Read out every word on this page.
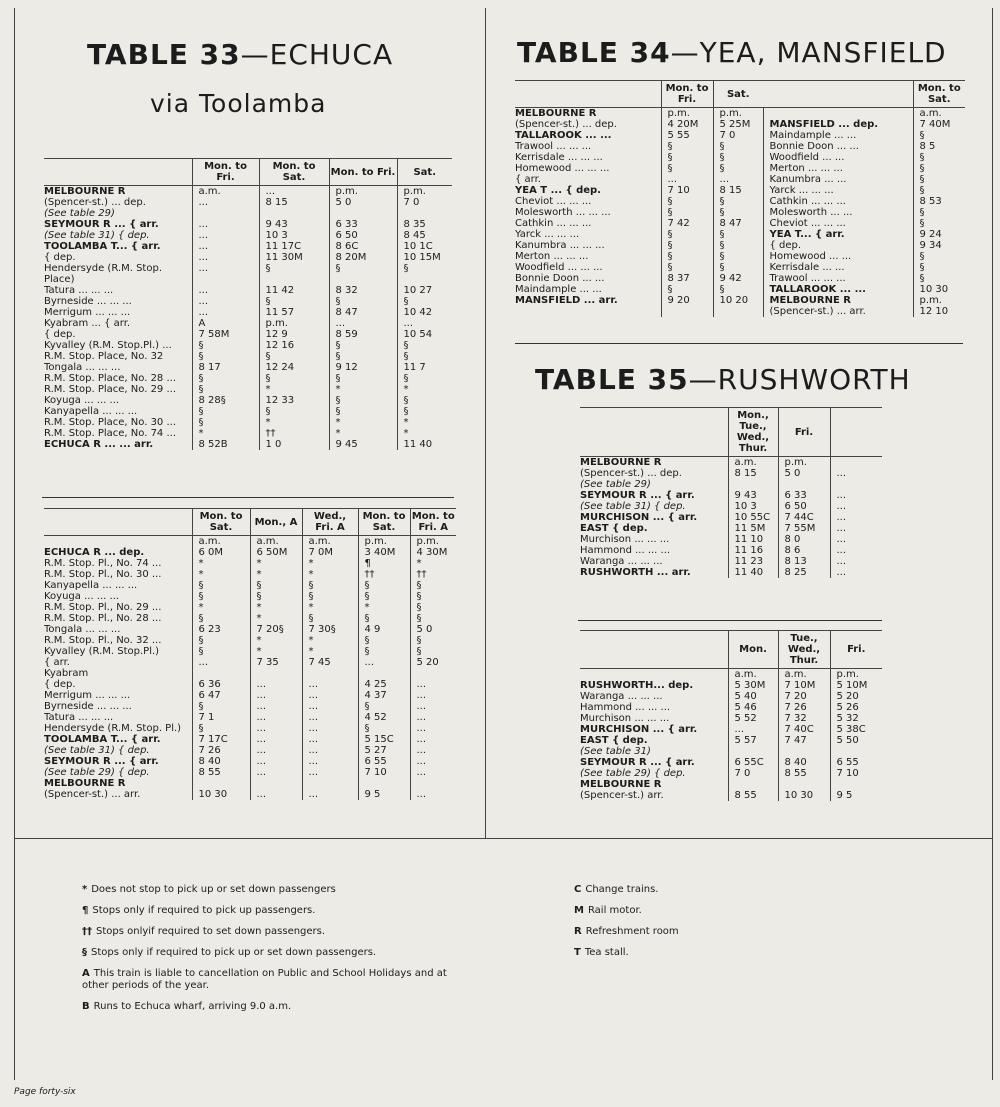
TABLE 33—ECHUCA
via Toolamba
	Mon. to Fri.	Mon. to Sat.	Mon. to Fri.	Sat.

MELBOURNE R	a.m.	...	p.m.	p.m.
(Spencer-st.) ... dep.	...	8 15	5 0	7 0
(See table 29)				
SEYMOUR R ... { arr.	...	9 43	6 33	8 35
(See table 31) { dep.	...	10 3	6 50	8 45
TOOLAMBA T... { arr.	...	11 17C	8 6C	10 1C
{ dep.	...	11 30M	8 20M	10 15M
Hendersyde (R.M. Stop.	...	§	§	§
Place)				
Tatura ... ... ...	...	11 42	8 32	10 27
Byrneside ... ... ...	...	§	§	§
Merrigum ... ... ...	...	11 57	8 47	10 42
Kyabram ... { arr.	A	p.m.	...	...
{ dep.	7 58M	12 9	8 59	10 54
Kyvalley (R.M. Stop.Pl.) ...	§	12 16	§	§
R.M. Stop. Place, No. 32	§	§	§	§
Tongala ... ... ...	8 17	12 24	9 12	11 7
R.M. Stop. Place, No. 28 ...	§	§	§	§
R.M. Stop. Place, No. 29 ...	§	*	*	*
Koyuga ... ... ...	8 28§	12 33	§	§
Kanyapella ... ... ...	§	§	§	§
R.M. Stop. Place, No. 30 ...	§	*	*	*
R.M. Stop. Place, No. 74 ...	*	††	*	*
ECHUCA R ... ... arr.	8 52B	1 0	9 45	11 40
	Mon. to Sat.	Mon., A	Wed., Fri. A	Mon. to Sat.	Mon. to Fri. A
	a.m.	a.m.	a.m.	p.m.	p.m.
ECHUCA R ... dep.	6 0M	6 50M	7 0M	3 40M	4 30M
R.M. Stop. Pl., No. 74 ...	*	*	*	¶	*
R.M. Stop. Pl., No. 30 ...	*	*	*	††	††
Kanyapella ... ... ...	§	§	§	§	§
Koyuga ... ... ...	§	§	§	§	§
R.M. Stop. Pl., No. 29 ...	*	*	*	*	§
R.M. Stop. Pl., No. 28 ...	§	*	§	§	§
Tongala ... ... ...	6 23	7 20§	7 30§	4 9	5 0
R.M. Stop. Pl., No. 32 ...	§	*	*	§	§
Kyvalley (R.M. Stop.Pl.)	§	*	*	§	§
{ arr.	...	7 35	7 45	...	5 20
Kyabram					
{ dep.	6 36	...	...	4 25	...
Merrigum ... ... ...	6 47	...	...	4 37	...
Byrneside ... ... ...	§	...	...	§	...
Tatura ... ... ...	7 1	...	...	4 52	...
Hendersyde (R.M. Stop. Pl.)	§	...	...	§	...
TOOLAMBA T... { arr.	7 17C	...	...	5 15C	...
(See table 31) { dep.	7 26	...	...	5 27	...
SEYMOUR R ... { arr.	8 40	...	...	6 55	...
(See table 29) { dep.	8 55	...	...	7 10	...
MELBOURNE R					
(Spencer-st.) ... arr.	10 30	...	...	9 5	...
TABLE 34—YEA, MANSFIELD
	Mon. to Fri.	Sat.		Mon. to Sat.
MELBOURNE R	p.m.	p.m.		a.m.
(Spencer-st.) ... dep.	4 20M	5 25M	MANSFIELD ... dep.	7 40M
TALLAROOK ... ...	5 55	7 0	Maindample ... ...	§
Trawool ... ... ...	§	§	Bonnie Doon ... ...	8 5
Kerrisdale ... ... ...	§	§	Woodfield ... ...	§
Homewood ... ... ...	§	§	Merton ... ... ...	§
{ arr.	...	...	Kanumbra ... ...	§
YEA T ... { dep.	7 10	8 15	Yarck ... ... ...	§
Cheviot ... ... ...	§	§	Cathkin ... ... ...	8 53
Molesworth ... ... ...	§	§	Molesworth ... ...	§
Cathkin ... ... ...	7 42	8 47	Cheviot ... ... ...	§
Yarck ... ... ...	§	§	YEA T... { arr.	9 24
Kanumbra ... ... ...	§	§	{ dep.	9 34
Merton ... ... ...	§	§	Homewood ... ...	§
Woodfield ... ... ...	§	§	Kerrisdale ... ...	§
Bonnie Doon ... ...	8 37	9 42	Trawool ... ... ...	§
Maindample ... ...	§	§	TALLAROOK ... ...	10 30
MANSFIELD ... arr.	9 20	10 20	MELBOURNE R	p.m.
			(Spencer-st.) ... arr.	12 10
TABLE 35—RUSHWORTH
	Mon., Tue., Wed., Thur.	Fri.	
MELBOURNE R	a.m.	p.m.	
(Spencer-st.) ... dep.	8 15	5 0	...
(See table 29)			
SEYMOUR R ... { arr.	9 43	6 33	...
(See table 31) { dep.	10 3	6 50	...
MURCHISON ... { arr.	10 55C	7 44C	...
EAST { dep.	11 5M	7 55M	...
Murchison ... ... ...	11 10	8 0	...
Hammond ... ... ...	11 16	8 6	...
Waranga ... ... ...	11 23	8 13	...
RUSHWORTH ... arr.	11 40	8 25	...
	Mon.	Tue., Wed., Thur.	Fri.
	a.m.	a.m.	p.m.
RUSHWORTH... dep.	5 30M	7 10M	5 10M
Waranga ... ... ...	5 40	7 20	5 20
Hammond ... ... ...	5 46	7 26	5 26
Murchison ... ... ...	5 52	7 32	5 32
MURCHISON ... { arr.	...	7 40C	5 38C
EAST { dep.	5 57	7 47	5 50
(See table 31)			
SEYMOUR R ... { arr.	6 55C	8 40	6 55
(See table 29) { dep.	7 0	8 55	7 10
MELBOURNE R			
(Spencer-st.) arr.	8 55	10 30	9 5
* Does not stop to pick up or set down passengers
¶ Stops only if required to pick up passengers.
†† Stops onlyif required to set down passengers.
§ Stops only if required to pick up or set down passengers.
A This train is liable to cancellation on Public and School Holidays and at other periods of the year.
B Runs to Echuca wharf, arriving 9.0 a.m.
C Change trains.
M Rail motor.
R Refreshment room
T Tea stall.
Page forty-six
